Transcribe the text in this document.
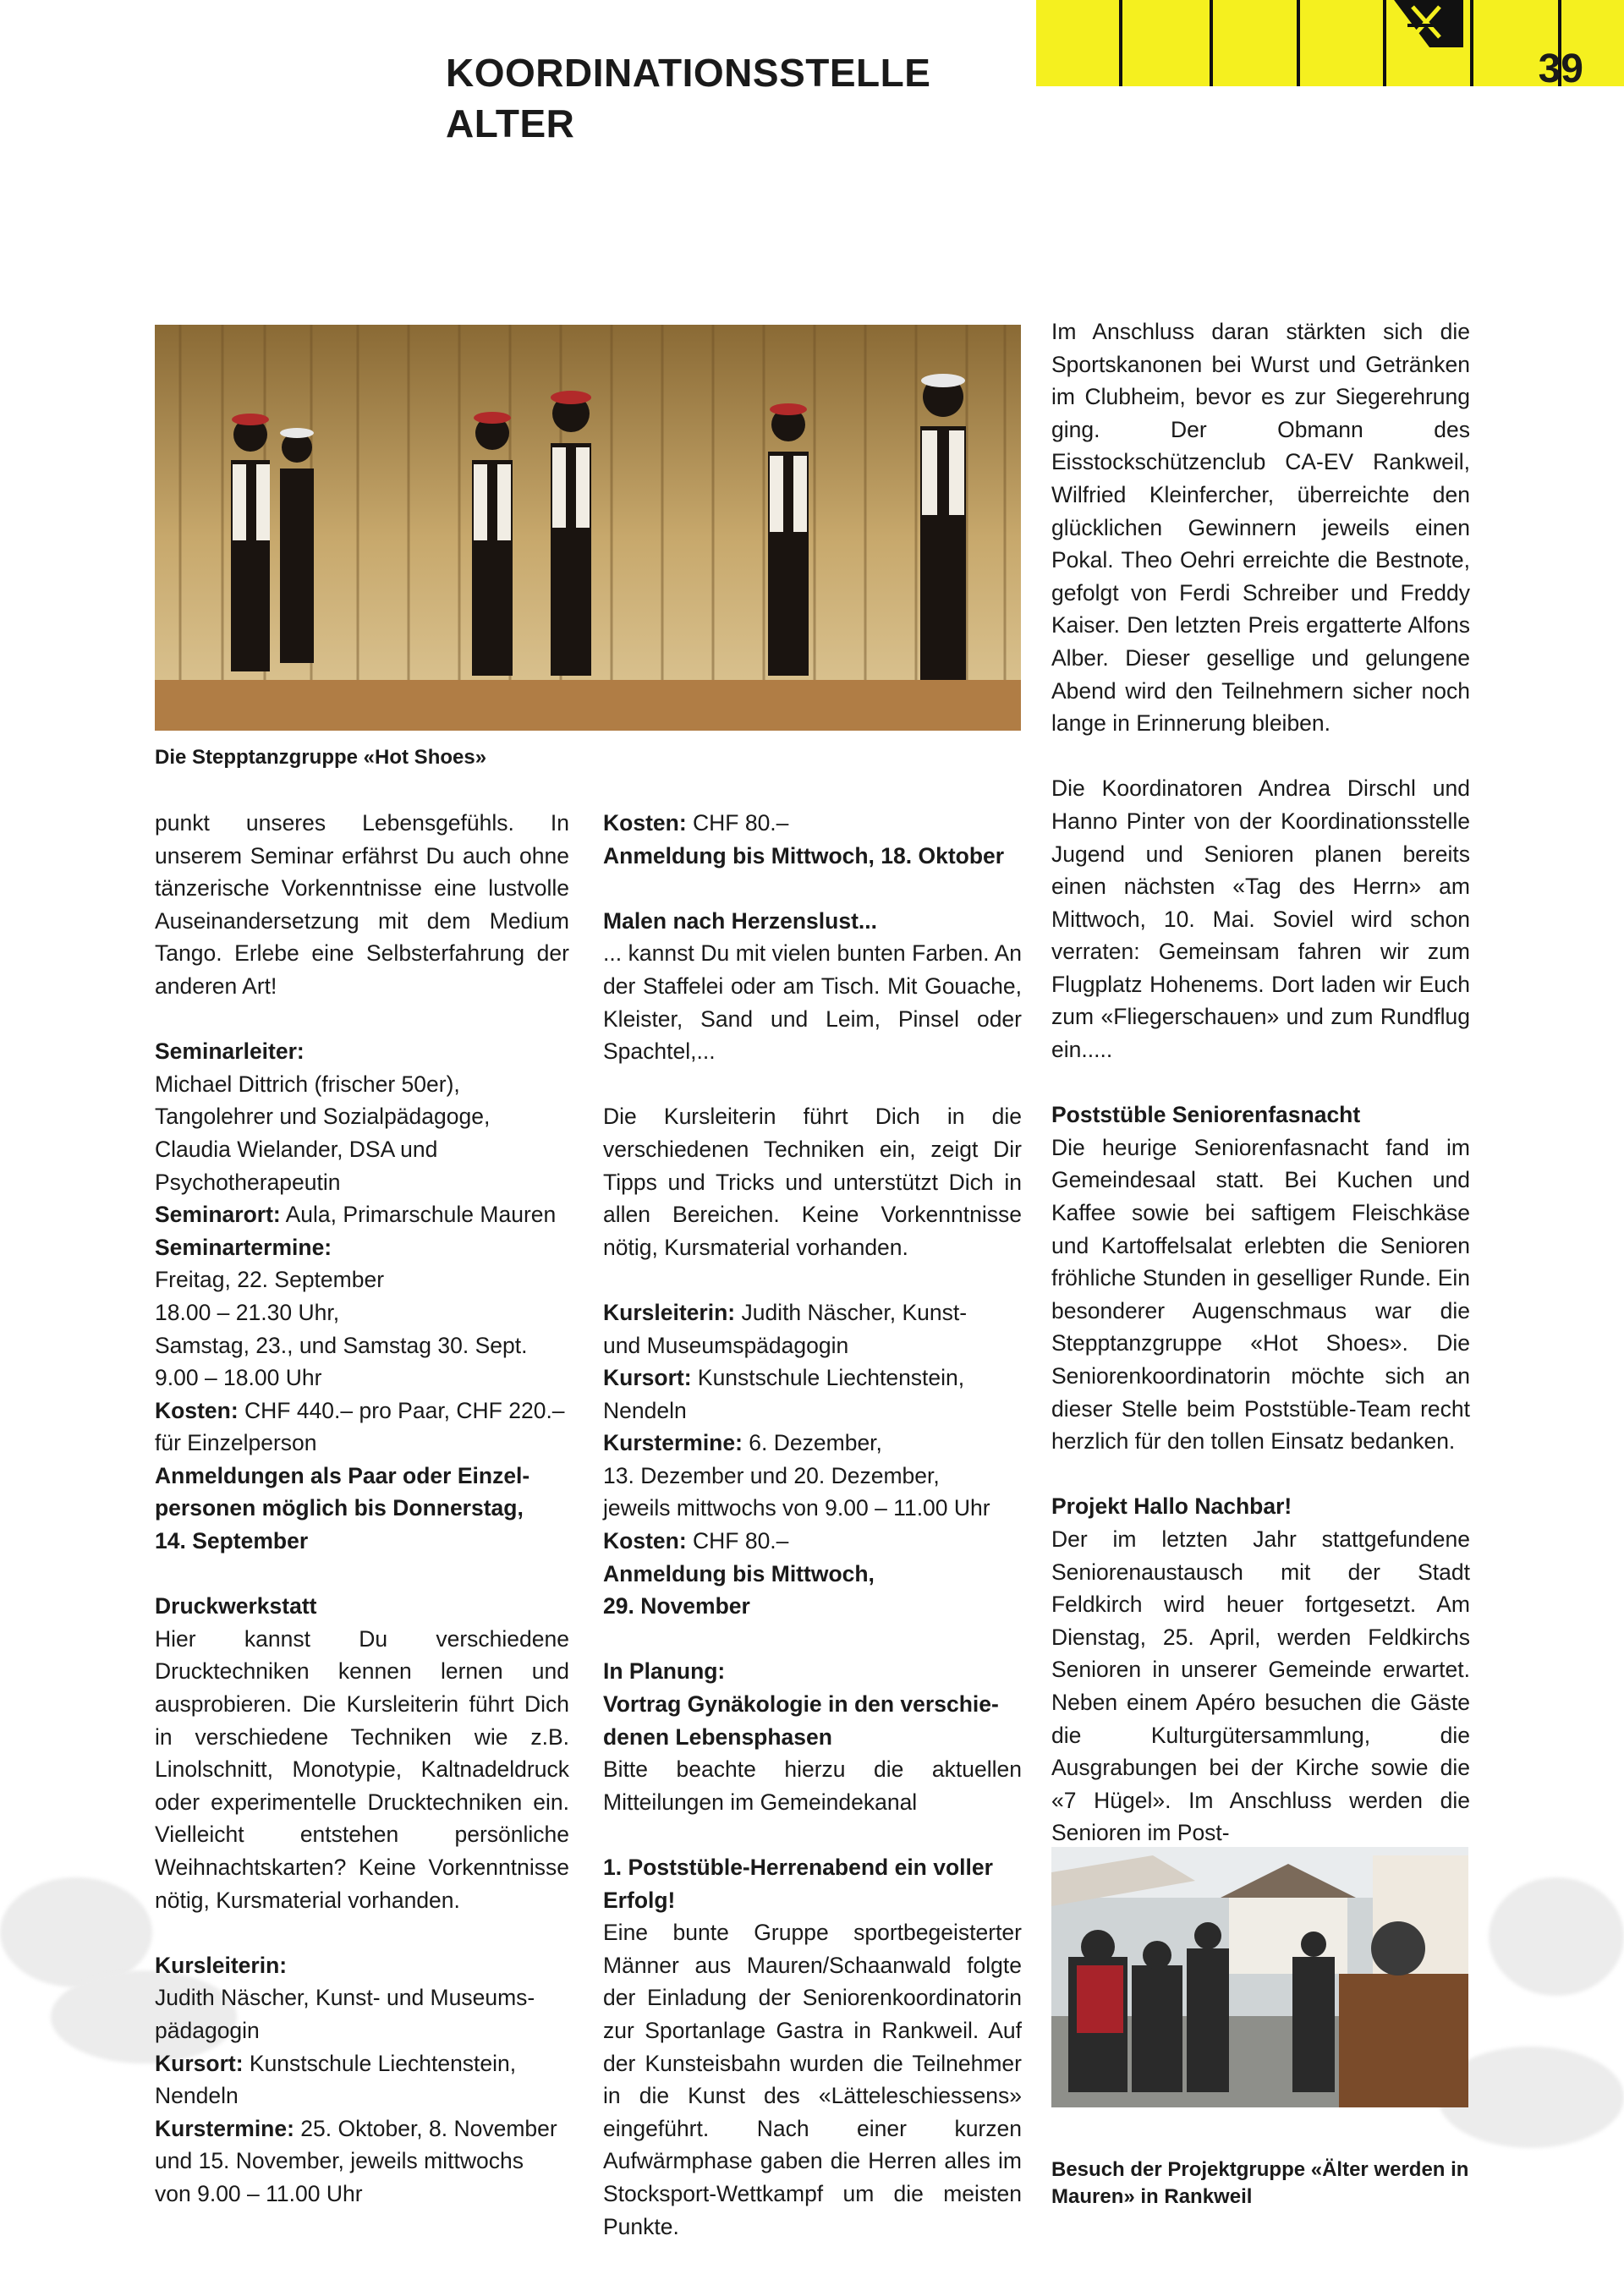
KOORDINATIONSSTELLE ALTER
39
Die Stepptanzgruppe «Hot Shoes»

punkt unseres Lebensgefühls. In unserem Seminar erfährst Du auch ohne tänzerische Vorkenntnisse eine lustvolle Auseinandersetzung mit dem Medium Tango. Erlebe eine Selbsterfahrung der anderen Art!

Seminarleiter:

Michael Dittrich (frischer 50er),

Tangolehrer und Sozialpädagoge,

Claudia Wielander, DSA und

Psychotherapeutin

Seminarort: Aula, Primarschule Mauren

Seminartermine:

Freitag, 22. September

18.00 – 21.30 Uhr,

Samstag, 23., und Samstag 30. Sept.

9.00 – 18.00 Uhr

Kosten: CHF 440.– pro Paar, CHF 220.–

für Einzelperson

Anmeldungen als Paar oder Einzel-

personen möglich bis Donnerstag,

14. September

Druckwerkstatt

Hier kannst Du verschiedene Drucktechniken kennen lernen und ausprobieren. Die Kursleiterin führt Dich in verschiedene Techniken wie z.B. Linolschnitt, Monotypie, Kaltnadeldruck oder experimentelle Drucktechniken ein. Vielleicht entstehen persönliche Weihnachtskarten? Keine Vorkenntnisse nötig, Kursmaterial vorhanden.

Kursleiterin:

Judith Näscher, Kunst- und Museums-

pädagogin

Kursort: Kunstschule Liechtenstein,

Nendeln

Kurstermine: 25. Oktober, 8. November

und 15. November, jeweils mittwochs

von 9.00 – 11.00 Uhr

Kosten: CHF 80.–

Anmeldung bis Mittwoch, 18. Oktober

Malen nach Herzenslust...

... kannst Du mit vielen bunten Farben. An der Staffelei oder am Tisch. Mit Gouache, Kleister, Sand und Leim, Pinsel oder Spachtel,...

Die Kursleiterin führt Dich in die verschiedenen Techniken ein, zeigt Dir Tipps und Tricks und unterstützt Dich in allen Bereichen. Keine Vorkenntnisse nötig, Kursmaterial vorhanden.

Kursleiterin: Judith Näscher, Kunst-

und Museumspädagogin

Kursort: Kunstschule Liechtenstein,

Nendeln

Kurstermine: 6. Dezember,

13. Dezember und 20. Dezember,

jeweils mittwochs von 9.00 – 11.00 Uhr

Kosten: CHF 80.–

Anmeldung bis Mittwoch,

29. November

In Planung:

Vortrag Gynäkologie in den verschie-

denen Lebensphasen

Bitte beachte hierzu die aktuellen Mitteilungen im Gemeindekanal

1. Poststüble-Herrenabend ein voller

Erfolg!

Eine bunte Gruppe sportbegeisterter Männer aus Mauren/Schaanwald folgte der Einladung der Seniorenkoordinatorin zur Sportanlage Gastra in Rankweil. Auf der Kunsteisbahn wurden die Teilnehmer in die Kunst des «Lätteleschiessens» eingeführt. Nach einer kurzen Aufwärmphase gaben die Herren alles im Stocksport-Wettkampf um die meisten Punkte.

Im Anschluss daran stärkten sich die Sportskanonen bei Wurst und Getränken im Clubheim, bevor es zur Siegerehrung ging. Der Obmann des Eisstockschützenclub CA-EV Rankweil, Wilfried Kleinfercher, überreichte den glücklichen Gewinnern jeweils einen Pokal. Theo Oehri erreichte die Bestnote, gefolgt von Ferdi Schreiber und Freddy Kaiser. Den letzten Preis ergatterte Alfons Alber. Dieser gesellige und gelungene Abend wird den Teilnehmern sicher noch lange in Erinnerung bleiben.

Die Koordinatoren Andrea Dirschl und Hanno Pinter von der Koordinationsstelle Jugend und Senioren planen bereits einen nächsten «Tag des Herrn» am Mittwoch, 10. Mai. Soviel wird schon verraten: Gemeinsam fahren wir zum Flugplatz Hohenems. Dort laden wir Euch zum «Fliegerschauen» und zum Rundflug ein.....

Poststüble Seniorenfasnacht

Die heurige Seniorenfasnacht fand im Gemeindesaal statt. Bei Kuchen und Kaffee sowie bei saftigem Fleischkäse und Kartoffelsalat erlebten die Senioren fröhliche Stunden in geselliger Runde. Ein besonderer Augenschmaus war die Stepptanzgruppe «Hot Shoes». Die Seniorenkoordinatorin möchte sich an dieser Stelle beim Poststüble-Team recht herzlich für den tollen Einsatz bedanken.

Projekt Hallo Nachbar!

Der im letzten Jahr stattgefundene Seniorenaustausch mit der Stadt Feldkirch wird heuer fortgesetzt. Am Dienstag, 25. April, werden Feldkirchs Senioren in unserer Gemeinde erwartet. Neben einem Apéro besuchen die Gäste die Kulturgütersammlung, die Ausgrabungen bei der Kirche sowie die «7 Hügel». Im Anschluss werden die Senioren im Post-

Besuch der Projektgruppe «Älter werden in
Mauren» in Rankweil
